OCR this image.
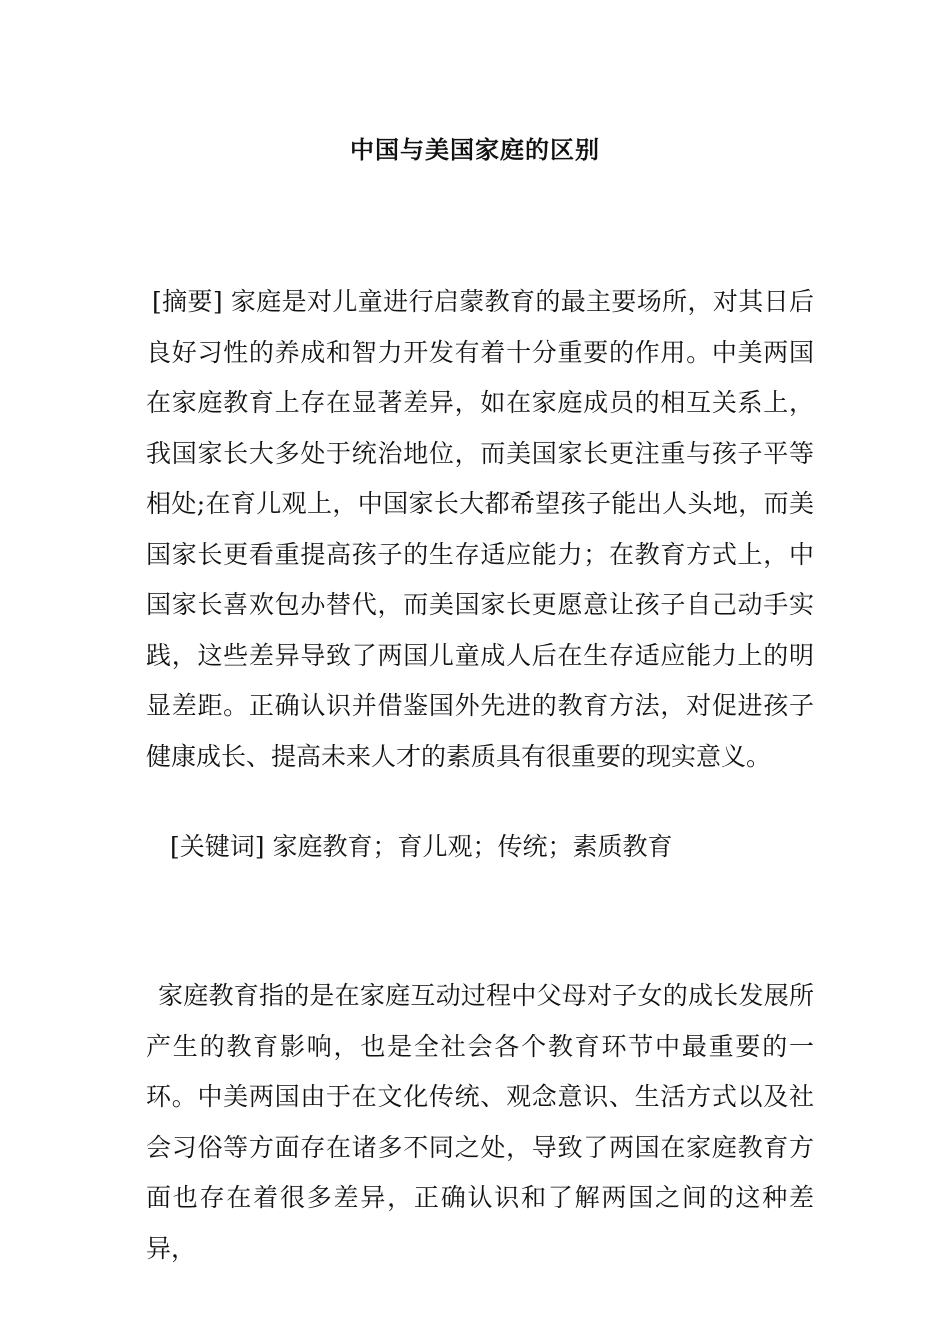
中国与美国家庭的区别
[摘要] 家庭是对儿童进行启蒙教育的最主要场所，对其日后良好习性的养成和智力开发有着十分重要的作用。中美两国在家庭教育上存在显著差异，如在家庭成员的相互关系上，我国家长大多处于统治地位，而美国家长更注重与孩子平等相处;在育儿观上，中国家长大都希望孩子能出人头地，而美国家长更看重提高孩子的生存适应能力；在教育方式上，中国家长喜欢包办替代，而美国家长更愿意让孩子自己动手实践，这些差异导致了两国儿童成人后在生存适应能力上的明显差距。正确认识并借鉴国外先进的教育方法，对促进孩子健康成长、提高未来人才的素质具有很重要的现实意义。
[关键词] 家庭教育；育儿观；传统；素质教育
家庭教育指的是在家庭互动过程中父母对子女的成长发展所产生的教育影响，也是全社会各个教育环节中最重要的一环。中美两国由于在文化传统、观念意识、生活方式以及社会习俗等方面存在诸多不同之处，导致了两国在家庭教育方面也存在着很多差异，正确认识和了解两国之间的这种差异，
